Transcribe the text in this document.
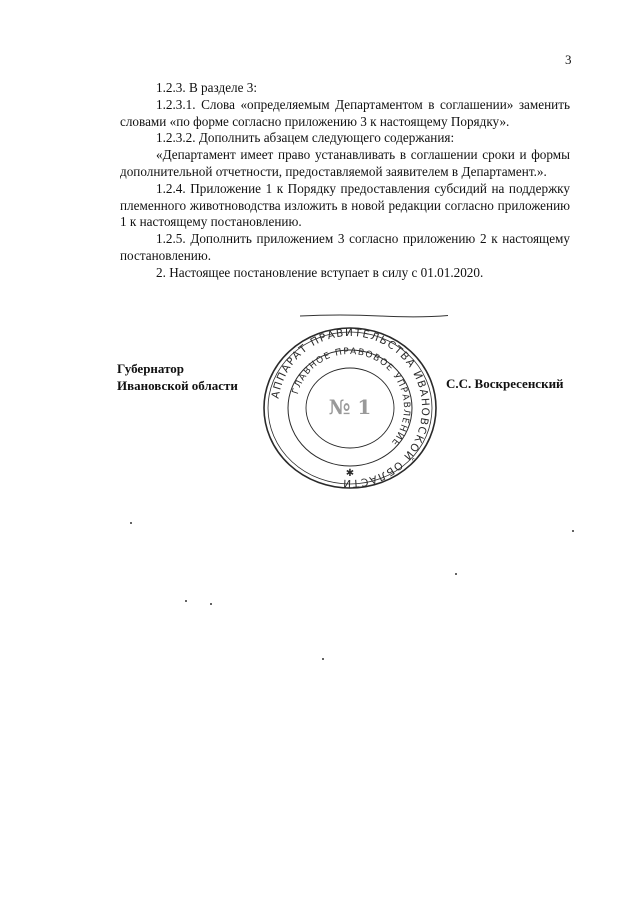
3

1.2.3. В разделе 3:

1.2.3.1. Слова «определяемым Департаментом в соглашении» заменить словами «по форме согласно приложению 3 к настоящему Порядку».

1.2.3.2. Дополнить абзацем следующего содержания:

«Департамент имеет право устанавливать в соглашении сроки и формы дополнительной отчетности, предоставляемой заявителем в Департамент.».

1.2.4. Приложение 1 к Порядку предоставления субсидий на поддержку племенного животноводства изложить в новой редакции согласно приложению 1 к настоящему постановлению.

1.2.5. Дополнить приложением 3 согласно приложению 2 к настоящему постановлению.

2. Настоящее постановление вступает в силу с 01.01.2020.

Губернатор
Ивановской области
АППАРАТ ПРАВИТЕЛЬСТВА ИВАНОВСКОЙ ОБЛАСТИ
ГЛАВНОЕ ПРАВОВОЕ УПРАВЛЕНИЕ
№ 1
✱
С.С. Воскресенский
